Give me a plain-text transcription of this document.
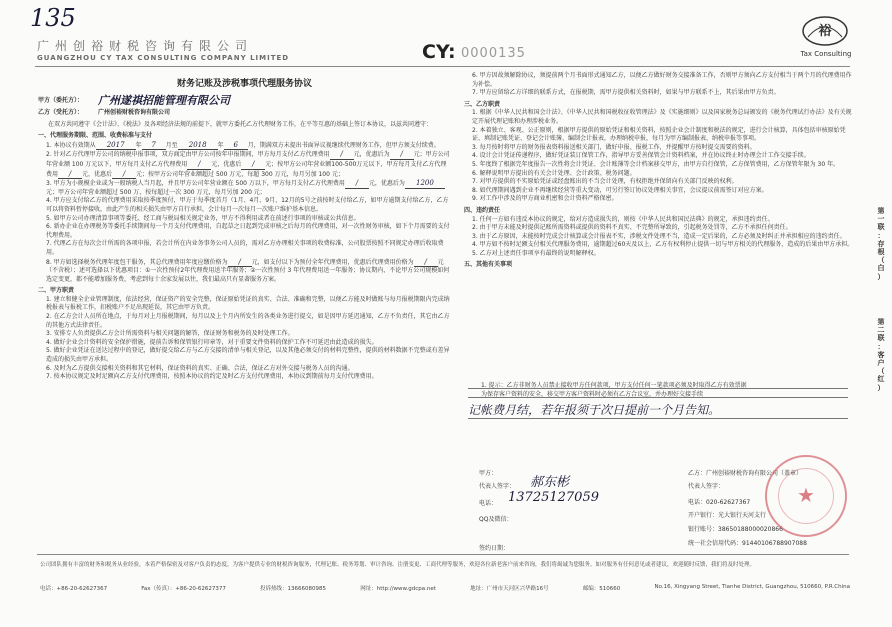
135
广州创裕财税咨询有限公司
GUANGZHOU CY TAX CONSULTING COMPANY LIMITED	CY: 0000135
裕
Tax Consulting
财务记账及涉税事项代理服务协议
甲方（委托方）：	广州遂祺招能管理有限公司
乙方（受托方）：	广州创裕财税咨询有限公司
在双方共同遵守《会计法》、《税法》及各项经济法规的前提下，就甲方委托乙方代理财务工作，在平等互惠的基础上签订本协议，以兹共同遵守：
一、代理服务期限、范围、收费标准与支付
1. 本协议有效期从 2017 年 7 月至 2018 年 6 月，期满双方未提出书面异议视继续代理财务工作，但甲方须支付续费。
2. 针对乙方代理甲方公司的纳税申报事项，双方商定由甲方公司按年申报期间，甲方每月支付乙方代理费用 / 元，优惠后为 / 元；甲方公司年营业额 100 万元以下，甲方每月支付乙方代理费用 / 元，优惠后 / 元；按甲方公司年营业额100-500万元以下，甲方每月支付乙方代理费用 / 元，优惠后 / 元；按甲方公司年营业额超过 500 万元，每超 300 万元，每月另加 100 元；
3. 甲方为小规模企业或为一般纳税人当月起，并且甲方公司年营业额在 500 万以下，甲方每月支付乙方代理费用 / 元，优惠后为 1200元；甲方公司年营业额超过 500 万，按每超过一次 300 万元，每月另加 200 元；
4. 甲方应支付给乙方的代理费用采取按季度预付，甲方于每季度首月（1月、4月、9月、12月的5号之前按时支付给乙方，如甲方逾期支付给乙方，乙方可以将资料暂停接收，由此产生的相关损失由甲方自行承担，会计每月一次每月一次账户维护基本信息。
5. 如甲方公司办理清算事项等委托、经工商与税局相关规定业务，甲方不得利用或者在前述行事项的审核或公共信息。
6. 新办企业在办理税务等委托手续期间每一个月支付代理费用，自起草之日起到完成审核之后每月的代理费用，对一次性财务审核，如下个月需要的支付代理费用。
7. 代理乙方在每次会计所需的各项申报，若会计所在内业务事务公司人员的，需对乙方办理相关事项的收费标准，公司股票按照不同规定办理后收取费用。
8. 甲方如选择税务代理年度包干服务，其总代理费用年度应缴价格为 / 元，如支付以下为预付全年代理费用，优惠后代理费用价格为 / 元（不含税）；述可选择以下优惠项目：①一次性预付2年代理费用送半年服务；②一次性预付 3 年代理费用送一年服务；协议期内，不论甲方公司规模如何选定变更，都不能增加服务费，考虑到每十余家发展以往，我们最高只有显著服务方案。
二、甲方职责
1. 建立和健全企业管理制度，依法经营，保证资产的安全完整，保证原始凭证的真实、合法、准确和完整，以便乙方能及时做账与每月报税期限内完成纳税报表与报税工作，扣税账户不足出现延误，其它由甲方负责。
2. 在乙方会计人员所在地点，于每月对上月报税期间，每月以及上个月内所发生的各类业务进行提交，如是因甲方延迟通知，乙方不负责任，其它由乙方的其他方式法律责任。
3. 安排专人负责提供乙方会计所需资料与相关问题的解答，保证财务和税务的及时处理工作。
4. 做好企业会计资料的安全保护措施，提前告诉和保管银行印章等，对于重要文件资料的保护工作不可延迟由此造成的损失。
5. 做好企业凭证在送达过程中的登记，做好提交给乙方与乙方交接的清单与相关登记，以及其他必须交付的材料完整性，提供的材料数据不完整或有差异造成的损失由甲方承担。
6. 及时为乙方提供交接相关资料和其它材料，保证资料的真实、正确、合法，保证乙方对外交接与税务人员的沟通。
7. 按本协议规定及时足额向乙方支付代理费用，按照本协议的约定及时乙方支付代理费用，本协议到期前每月支付代理费用。
6. 甲方因故须解除协议，须提前两个月书面形式通知乙方，以便乙方做好财务交接准备工作，否则甲方须向乙方支付相当于两个月的代理费用作为补偿。
7. 甲方应留给乙方详细的联系方式，在报税期，需甲方提供相关资料时，如果与甲方联系不上，其后果由甲方负责。
三、乙方职责
1. 根据《中华人民共和国会计法》、《中华人民共和国税收征收管理法》及《实施细则》以及国家税务总局颁发的《税务代理试行办法》及有关规定开展代理记账和办理涉税业务。
2. 本着独立、客观、公正原则，根据甲方提供的原始凭证和相关资料，按照企业会计制度和税法的规定，进行会计核算，具体包括审核原始凭证、填制记账凭证、登记会计账簿、编制会计报表，办理纳税申报，每月为甲方编制报表、纳税申报等事项。
3. 每月按时将甲方的财务报表资料报送相关部门，做好申报、报税工作，并提醒甲方按时提交需要的资料。
4. 设计会计凭证传递程序，做好凭证装订保管工作，指导甲方妥善保管会计资料档案，并在协议终止时办理会计工作交接手续。
5. 年度终了根据完年度报告一次性将会计凭证、会计账簿等会计档案移交甲方，由甲方自行保管，乙方保管费用，乙方保管年限为 30 年。
6. 解释说明甲方提出的有关会计处理、会计政策、税务问题。
7. 对甲方提供的不实原始凭证或经盘账出的不当会计处理，有权拒绝并保留向有关部门反映的权利。
8. 如代理期间遇到企业不再继续经营等重大变动，可另行签订协议处理相关事宜，会议提议前需签订对应方案。
9. 对工作中涉及的甲方商业机密和会计资料严格保密。
四、违约责任
1. 任何一方如有违反本协议的规定，给对方造成损失的，则按《中华人民共和国民法典》的规定，承担违约责任。
2. 由于甲方未能及时提供记账所需资料或提供的资料不真实、不完整所导致的，引起税务处罚等，乙方不承担任何责任。
3. 由于乙方原因，未能按时完成会计核算或会计报表不实，涉税文件处理不当，造成一定后果的，乙方必须及时纠正并承担相应的违约责任。
4. 甲方如不按时足额支付相关代理服务费用，逾期超过60天及以上，乙方有权利停止提供一切与甲方相关的代理服务，造成的后果由甲方承担。
5. 乙方对上述责任事项享有最终的说明解释权。
五、其他有关事项
1. 提示：乙方非财务人员禁止接收甲方任何款项，甲方支付任何一笔款项必须及时取得乙方有效票据
为保存客户资料的安全，移交甲方客户资料时必须有乙方合议室，并办理好交接手续
记帐费月结，若年报须于次日提前一个月告知。
甲方：
代表人签字： 郝东彬
电话： 13725127059
QQ及微信：
签约日期：
乙方：广州创裕财税咨询有限公司（盖章）
代表人签字：
电话：020-62627367
开户银行：光大银行天河支行
银行账号：38650188000020866
统一社会信用代码：91440106788907088
★
第
一
联
：
存
根
（
白
）
第
二
联
：
客
户
（
红
）
公司团队拥有丰富的财务和税务从业经验，本着严格保密及对客户负责的态度，为客户提供专业的财税咨询服务，代理记账、税务筹划、审计咨询、注册变更、工商代理等服务，欢迎各位新老客户前来咨询，我们将竭诚为您服务。如对服务有任何意见或者建议，欢迎随时反馈，我们将及时处理。
电话：+86-20-62627367	Fax（传真）：+86-20-62627377	投诉热线：13666080985	网址：http://www.gdcpa.net	地址：广州市天河区兴华路16号	邮编：510660	No.16, Xingyang Street, Tianhe District, Guangzhou, 510660, P.R.China
